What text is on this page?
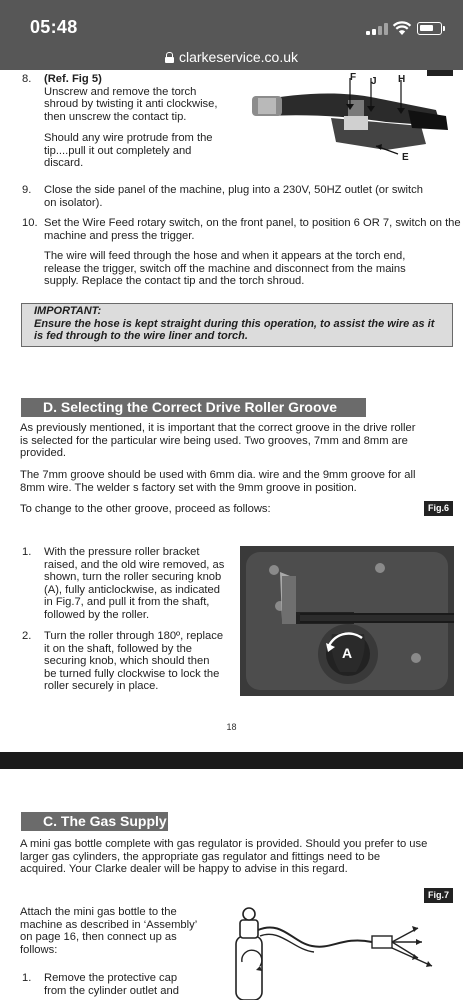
05:48
clarkeservice.co.uk
8. (Ref. Fig 5)
Unscrew and remove the torch
shroud by twisting it anti clockwise,
then unscrew the contact tip.
Should any wire protrude from the
tip....pull it out completely and
discard.
F J H
E
9. Close the side panel of the machine, plug into a 230V, 50HZ outlet (or switch
on isolator).
10. Set the Wire Feed rotary switch, on the front panel, to position 6 OR 7, switch on the
machine and press the trigger.
The wire will feed through the hose and when it appears at the torch end,
release the trigger, switch off the machine and disconnect from the mains
supply. Replace the contact tip and the torch shroud.
IMPORTANT:
Ensure the hose is kept straight during this operation, to assist the wire as it
is fed through to the wire liner and torch.
D. Selecting the Correct Drive Roller Groove
As previously mentioned, it is important that the correct groove in the drive roller
is selected for the particular wire being used. Two grooves, 7mm and 8mm are
provided.
The 7mm groove should be used with 6mm dia. wire and the 9mm groove for all
8mm wire. The welder s factory set with the 9mm groove in position.
To change to the other groove, proceed as follows:	Fig.6
1. With the pressure roller bracket
raised, and the old wire removed, as
shown, turn the roller securing knob
(A), fully anticlockwise, as indicated
in Fig.7, and pull it from the shaft,
followed by the roller.
2. Turn the roller through 180º, replace
it on the shaft, followed by the
securing knob, which should then
be turned fully clockwise to lock the
roller securely in place.
A
18
C. The Gas Supply
A mini gas bottle complete with gas regulator is provided. Should you prefer to use
larger gas cylinders, the appropriate gas regulator and fittings need to be
acquired. Your Clarke dealer will be happy to advise in this regard.
Fig.7
Attach the mini gas bottle to the
machine as described in ‘Assembly’
on page 16, then connect up as
follows:
1. Remove the protective cap
from the cylinder outlet and
